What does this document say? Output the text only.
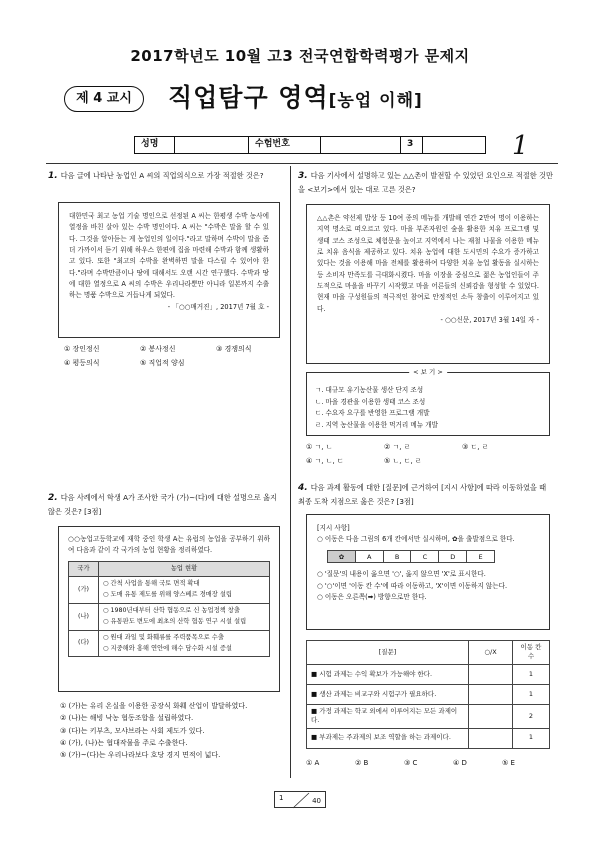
2017학년도 10월 고3 전국연합학력평가 문제지
제 4 교시	직업탐구 영역[농업 이해]
성명	수험번호	3	1
1. 다음 글에 나타난 농업인 A 씨의 직업의식으로 가장 적절한 것은?
대한민국 최고 농업 기술 명인으로 선정된 A 씨는 한평생 수박 농사에 열정을 바친 살아 있는 수박 명인이다. A 씨는 "수박은 말을 할 수 있다. 그것을 알아듣는 게 농업인의 일이다."라고 말하며 수박이 말을 좀 더 가까이서 듣기 위해 하우스 한편에 집을 마련해 수박과 함께 생활하고 있다. 또한 "최고의 수박을 완벽하면 말을 다스릴 수 있어야 한다."라며 수박만큼이나 땅에 대해서도 오랜 시간 연구했다. 수박과 땅에 대한 열정으로 A 씨의 수박은 우리나라뿐만 아니라 일본까지 수출하는 명품 수박으로 거듭나게 되었다.
- 「○○매거진」, 2017년 7월 호 -
① 장인정신	② 봉사정신	③ 경쟁의식
④ 평등의식	⑤ 직업적 양심
2. 다음 사례에서 학생 A가 조사한 국가 (가)~(다)에 대한 설명으로 옳지 않은 것은? [3점]
○○농업고등학교에 재학 중인 학생 A는 유럽의 농업을 공부하기 위하여 다음과 같이 각 국가의 농업 현황을 정리하였다.
국가	농업 현황
(가)	○ 간척 사업을 통해 국토 면적 확대
○ 도매 유통 제도를 위해 양스베르 경매장 설립

(나)	○ 1980년대부터 산학 협동으로 신 농업정책 창출
○ 유통판도 변도에 최초의 산학 협동 연구 시설 설립

(다)	○ 원대 과일 및 화훼류를 주력품목으로 수출
○ 지중해와 홍해 연안에 해수 담수화 시설 증설
① (가)는 유리 온실을 이용한 공장식 화훼 산업이 발달하였다.
② (나)는 해빙 낙농 협동조합을 설립하였다.
③ (다)는 키부츠, 모샤브라는 사회 제도가 있다.
④ (가), (나)는 협대작물을 주로 수출한다.
⑤ (가)~(다)는 우리나라보다 호당 경지 면적이 넓다.
3. 다음 기사에서 설명하고 있는 △△촌이 발전할 수 있었던 요인으로 적절한 것만을 <보기>에서 있는 대로 고른 것은?
△△촌은 약선제 밥상 등 10여 종의 메뉴를 개발해 연간 2만여 명이 이용하는 지역 명소로 떠오르고 있다. 마을 부존자원인 숲을 활용한 치유 프로그램 및 생태 코스 조성으로 체험문을 높이고 지역에서 나는 재철 나물을 이용한 메뉴로 치유 음식을 제공하고 있다. 치유 농업에 대한 도시민의 수요가 증가하고 있다는 것을 이용해 마을 전체를 활용하여 다양한 치유 농업 활동을 실시하는 등 소비자 만족도를 극대화시켰다. 마을 이장을 중심으로 젊은 농업인들이 주도적으로 마을을 바꾸기 시작했고 마을 어른들의 신뢰감을 형성할 수 있었다. 현재 마을 구성원들의 적극적인 참여로 안정적인 소득 창출이 이루어지고 있다.
- ○○신문, 2017년 3월 14일 자 -
< 보 기 >
ㄱ. 대규모 유기농산물 생산 단지 조성
ㄴ. 마을 경관을 이용한 생태 코스 조성
ㄷ. 수요자 요구를 반영한 프로그램 개발
ㄹ. 지역 농산물을 이용한 먹거리 메뉴 개발
① ㄱ, ㄴ	② ㄱ, ㄹ	③ ㄷ, ㄹ
④ ㄱ, ㄴ, ㄷ	⑤ ㄴ, ㄷ, ㄹ
4. 다음 과제 활동에 대한 [질문]에 근거하여 [지시 사항]에 따라 이동하였을 때 최종 도착 지점으로 옳은 것은? [3점]
[지시 사항]
○ 이동은 다음 그림의 6개 칸에서만 실시하며, ✿을 출발점으로 한다.
✿	A	B	C	D	E
○ '질문'의 내용이 옳으면 '○', 옳지 않으면 'X'로 표시한다.
○ '○'이면 '이동 칸 수'에 따라 이동하고, 'X'이면 이동하지 않는다.
○ 이동은 오른쪽(➡) 방향으로만 한다.
[질문]	○/X	이동 칸 수
■ 시험 과제는 수익 확보가 가능해야 한다.		1
■ 생산 과제는 비교구와 시험구가 필요하다.		1
■ 가정 과제는 학교 외에서 이루어지는 모든 과제이다.		2
■ 부과제는 주과제의 보조 역할을 하는 과제이다.		1
① A	② B	③ C	④ D	⑤ E
1	40
